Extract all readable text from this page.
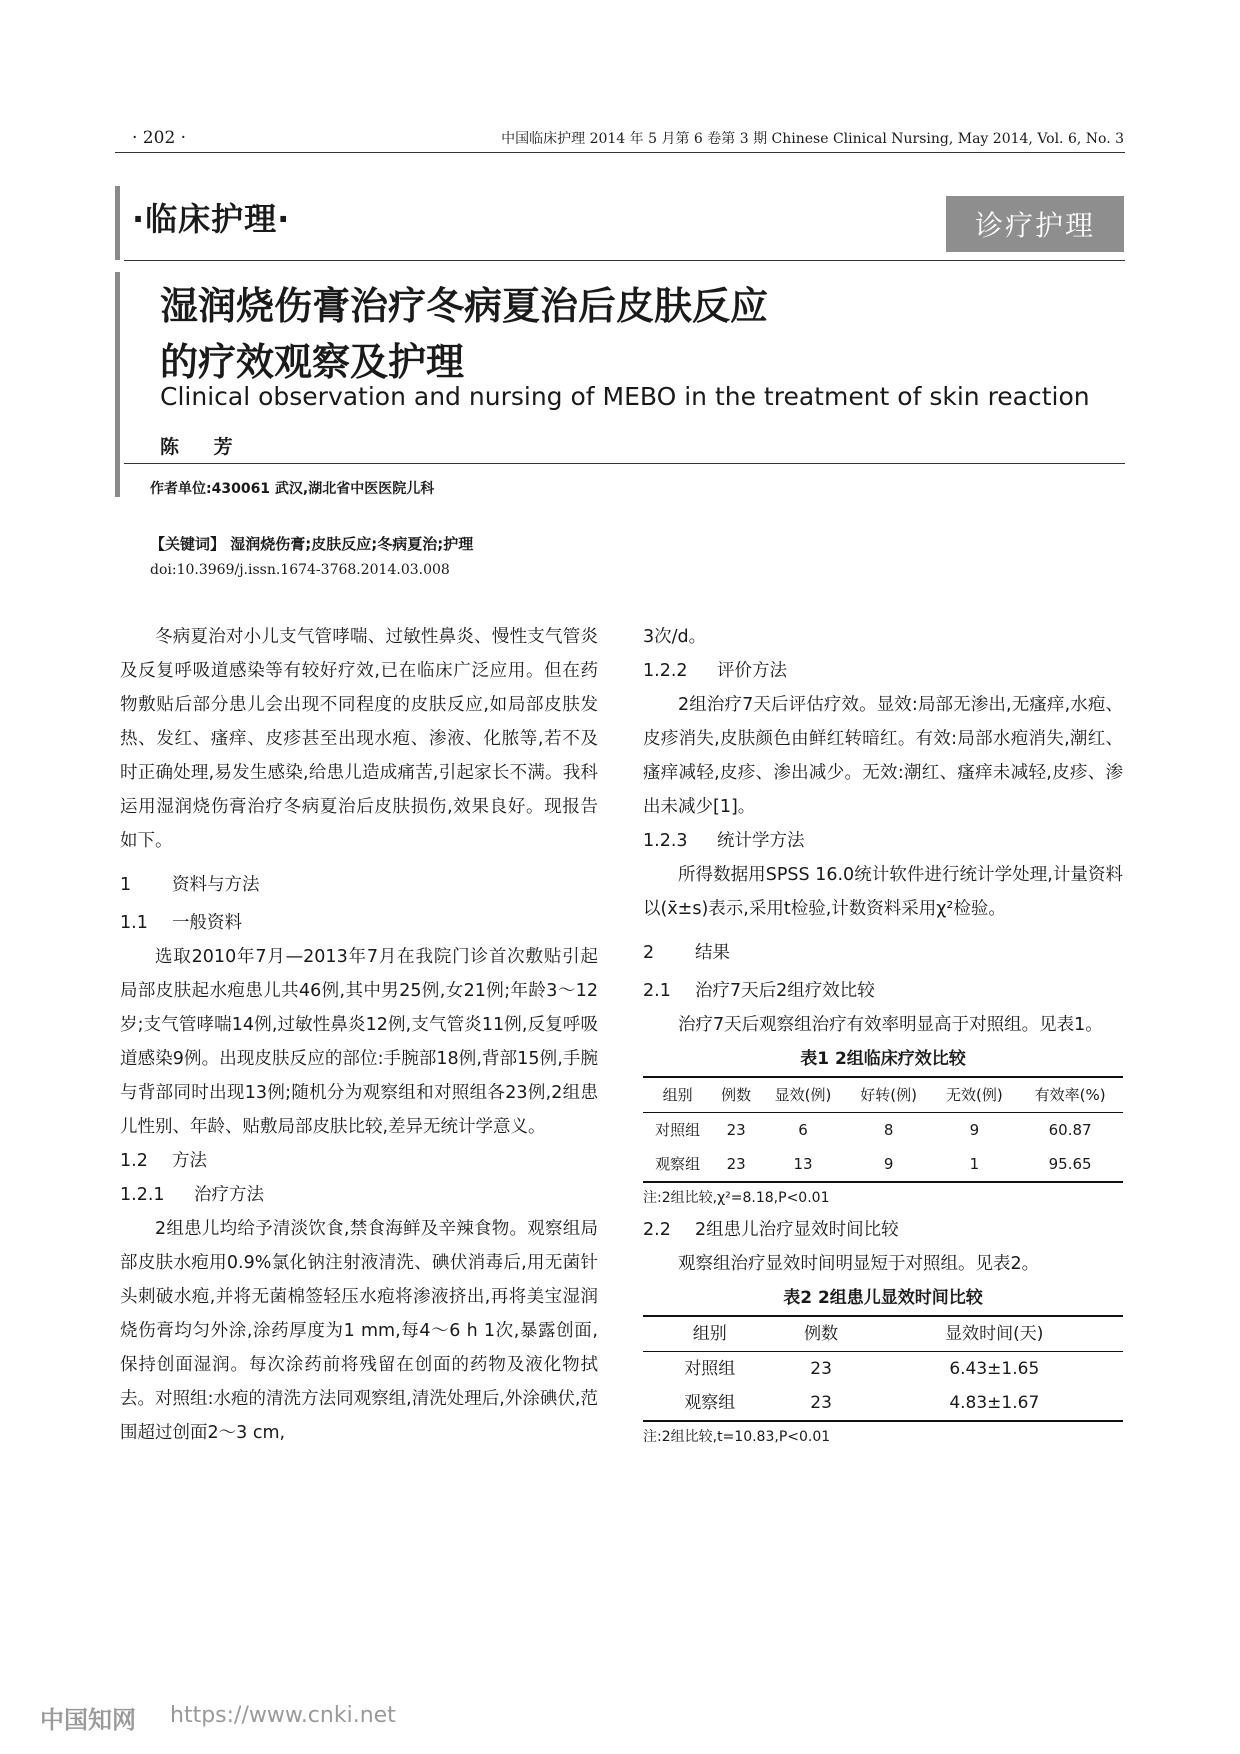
· 202 ·	中国临床护理 2014 年 5 月第 6 卷第 3 期 Chinese Clinical Nursing, May 2014, Vol. 6, No. 3
·临床护理·	诊疗护理
湿润烧伤膏治疗冬病夏治后皮肤反应
的疗效观察及护理
Clinical observation and nursing of MEBO in the treatment of skin reaction
陈 芳
作者单位:430061 武汉,湖北省中医医院儿科
【关键词】 湿润烧伤膏;皮肤反应;冬病夏治;护理
doi:10.3969/j.issn.1674-3768.2014.03.008

冬病夏治对小儿支气管哮喘、过敏性鼻炎、慢性支气管炎及反复呼吸道感染等有较好疗效,已在临床广泛应用。但在药物敷贴后部分患儿会出现不同程度的皮肤反应,如局部皮肤发热、发红、瘙痒、皮疹甚至出现水疱、渗液、化脓等,若不及时正确处理,易发生感染,给患儿造成痛苦,引起家长不满。我科运用湿润烧伤膏治疗冬病夏治后皮肤损伤,效果良好。现报告如下。

1 资料与方法

1.1 一般资料

选取2010年7月—2013年7月在我院门诊首次敷贴引起局部皮肤起水疱患儿共46例,其中男25例,女21例;年龄3～12岁;支气管哮喘14例,过敏性鼻炎12例,支气管炎11例,反复呼吸道感染9例。出现皮肤反应的部位:手腕部18例,背部15例,手腕与背部同时出现13例;随机分为观察组和对照组各23例,2组患儿性别、年龄、贴敷局部皮肤比较,差异无统计学意义。

1.2 方法

1.2.1 治疗方法

2组患儿均给予清淡饮食,禁食海鲜及辛辣食物。观察组局部皮肤水疱用0.9%氯化钠注射液清洗、碘伏消毒后,用无菌针头刺破水疱,并将无菌棉签轻压水疱将渗液挤出,再将美宝湿润烧伤膏均匀外涂,涂药厚度为1 mm,每4～6 h 1次,暴露创面,保持创面湿润。每次涂药前将残留在创面的药物及液化物拭去。对照组:水疱的清洗方法同观察组,清洗处理后,外涂碘伏,范围超过创面2～3 cm,

3次/d。

1.2.2 评价方法

2组治疗7天后评估疗效。显效:局部无渗出,无瘙痒,水疱、皮疹消失,皮肤颜色由鲜红转暗红。有效:局部水疱消失,潮红、瘙痒减轻,皮疹、渗出减少。无效:潮红、瘙痒未减轻,皮疹、渗出未减少[1]。

1.2.3 统计学方法

所得数据用SPSS 16.0统计软件进行统计学处理,计量资料以(x̄±s)表示,采用t检验,计数资料采用χ²检验。

2 结果

2.1 治疗7天后2组疗效比较

治疗7天后观察组治疗有效率明显高于对照组。见表1。

表1 2组临床疗效比较
组别	例数	显效(例)	好转(例)	无效(例)	有效率(%)
对照组	23	6	8	9	60.87
观察组	23	13	9	1	95.65
注:2组比较,χ²=8.18,P<0.01

2.2 2组患儿治疗显效时间比较

观察组治疗显效时间明显短于对照组。见表2。

表2 2组患儿显效时间比较
组别	例数	显效时间(天)
对照组	23	6.43±1.65
观察组	23	4.83±1.67
注:2组比较,t=10.83,P<0.01
中国知网 https://www.cnki.net
